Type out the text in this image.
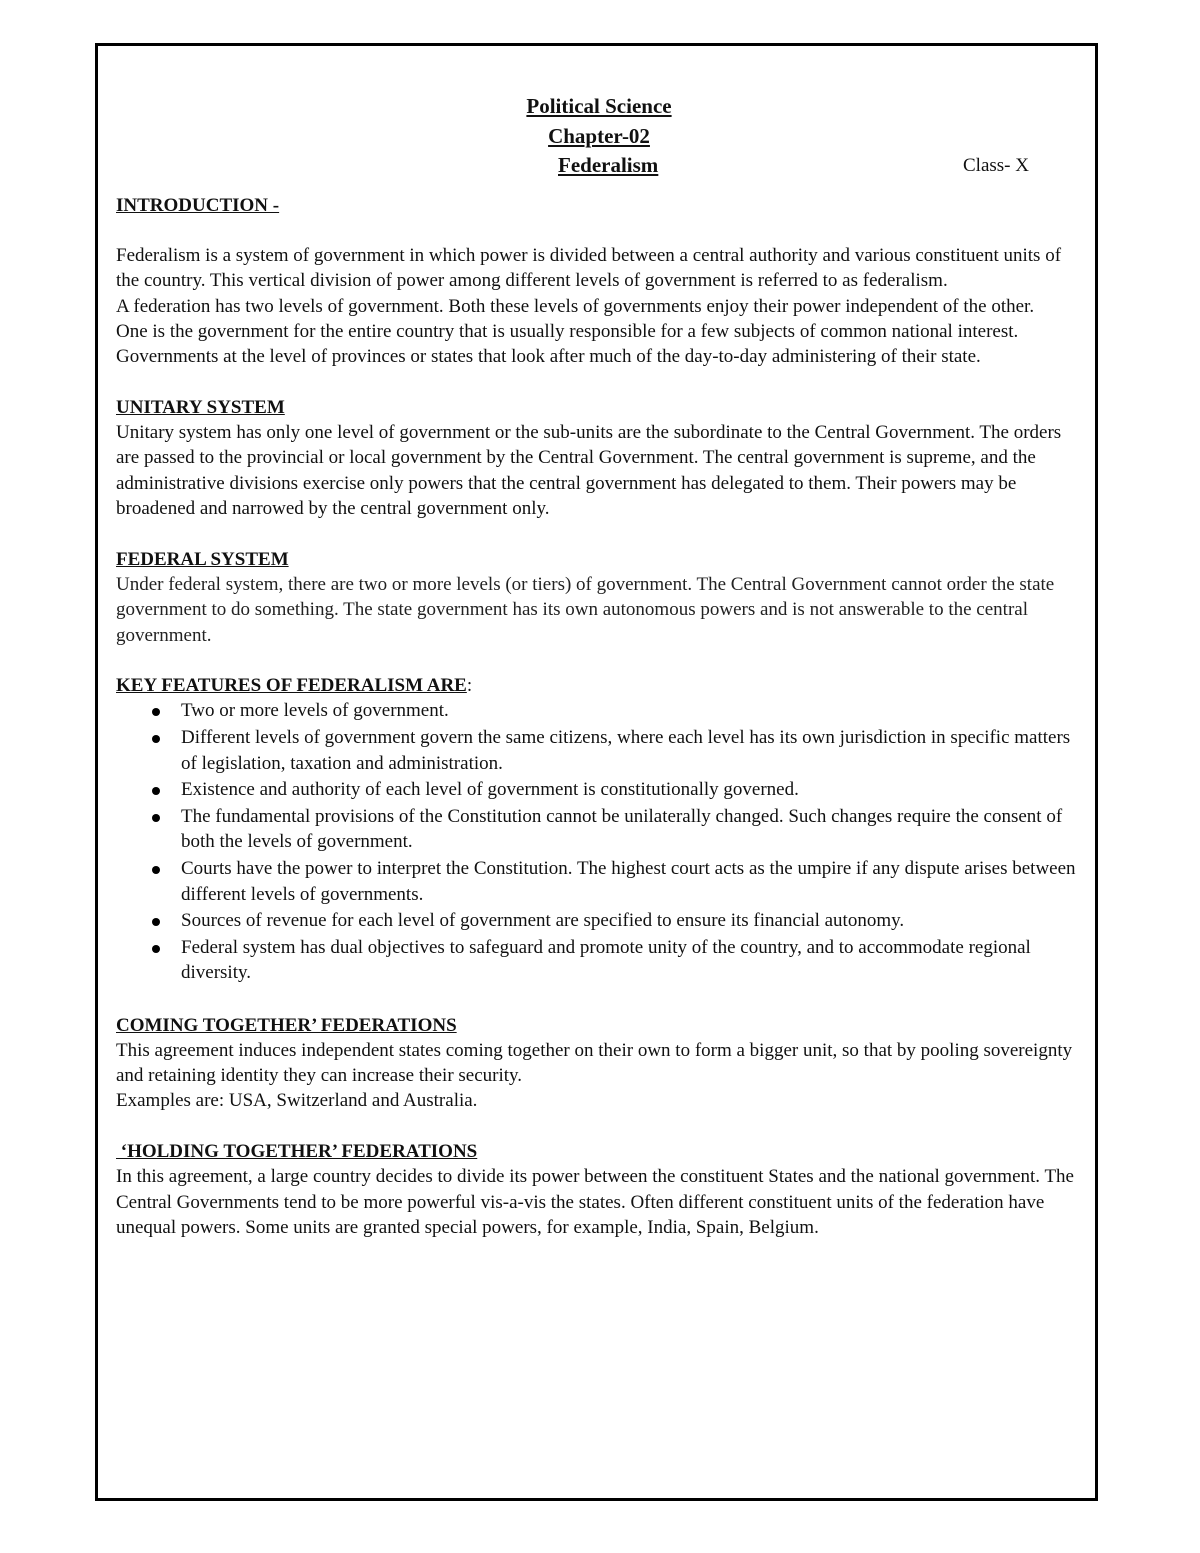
Political Science
Chapter-02
Federalism	Class- X
INTRODUCTION -

Federalism is a system of government in which power is divided between a central authority and various constituent units of the country. This vertical division of power among different levels of government is referred to as federalism.

A federation has two levels of government. Both these levels of governments enjoy their power independent of the other.

One is the government for the entire country that is usually responsible for a few subjects of common national interest.

Governments at the level of provinces or states that look after much of the day-to-day administering of their state.

UNITARY SYSTEM

Unitary system has only one level of government or the sub-units are the subordinate to the Central Government. The orders are passed to the provincial or local government by the Central Government. The central government is supreme, and the administrative divisions exercise only powers that the central government has delegated to them. Their powers may be broadened and narrowed by the central government only.

FEDERAL SYSTEM

Under federal system, there are two or more levels (or tiers) of government. The Central Government cannot order the state government to do something. The state government has its own autonomous powers and is not answerable to the central government.

KEY FEATURES OF FEDERALISM ARE:
Two or more levels of government.
Different levels of government govern the same citizens, where each level has its own jurisdiction in specific matters of legislation, taxation and administration.
Existence and authority of each level of government is constitutionally governed.
The fundamental provisions of the Constitution cannot be unilaterally changed. Such changes require the consent of both the levels of government.
Courts have the power to interpret the Constitution. The highest court acts as the umpire if any dispute arises between different levels of governments.
Sources of revenue for each level of government are specified to ensure its financial autonomy.
Federal system has dual objectives to safeguard and promote unity of the country, and to accommodate regional diversity.
COMING TOGETHER’ FEDERATIONS

This agreement induces independent states coming together on their own to form a bigger unit, so that by pooling sovereignty and retaining identity they can increase their security.

Examples are: USA, Switzerland and Australia.

‘HOLDING TOGETHER’ FEDERATIONS

In this agreement, a large country decides to divide its power between the constituent States and the national government. The Central Governments tend to be more powerful vis-a-vis the states. Often different constituent units of the federation have unequal powers. Some units are granted special powers, for example, India, Spain, Belgium.
